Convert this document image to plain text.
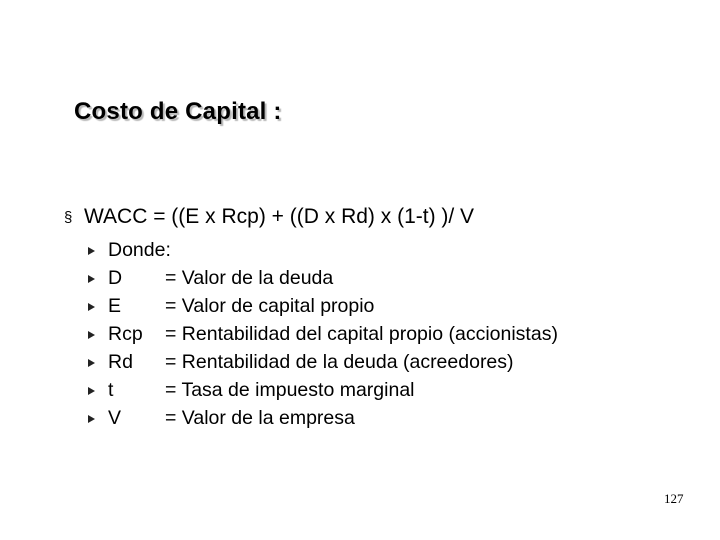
Costo de Capital :
§
WACC = ((E x Rcp) + ((D x Rd) x (1-t) )/ V
Donde:
D	= Valor de la deuda
E	= Valor de capital propio
Rcp	= Rentabilidad del capital propio (accionistas)
Rd	= Rentabilidad de la deuda (acreedores)
t	= Tasa de impuesto marginal
V	= Valor de la empresa
127
